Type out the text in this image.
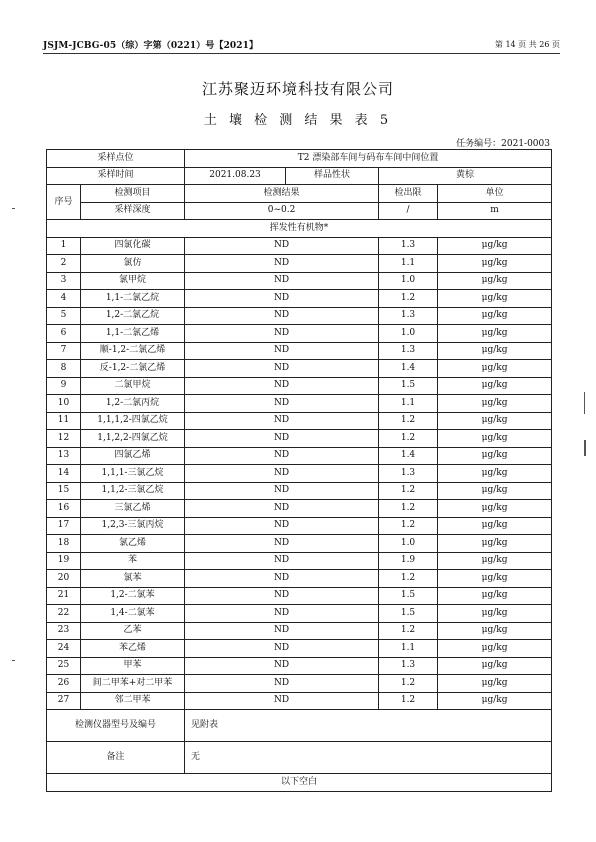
JSJM-JCBG-05（综）字第（0221）号【2021】	第 14 页 共 26 页
江苏聚迈环境科技有限公司
土 壤 检 测 结 果 表 5
任务编号：2021-0003
采样点位		T2 漂染部车间与码布车间中间位置			
采样时间		2021.08.23	样品性状	黄棕	
序号	检测项目	检测结果		检出限	单位
	采样深度	0~0.2		/	m
挥发性有机物*					
1	四氯化碳	ND		1.3	μg/kg
2	氯仿	ND		1.1	μg/kg
3	氯甲烷	ND		1.0	μg/kg
4	1,1-二氯乙烷	ND		1.2	μg/kg
5	1,2-二氯乙烷	ND		1.3	μg/kg
6	1,1-二氯乙烯	ND		1.0	μg/kg
7	顺-1,2-二氯乙烯	ND		1.3	μg/kg
8	反-1,2-二氯乙烯	ND		1.4	μg/kg
9	二氯甲烷	ND		1.5	μg/kg
10	1,2-二氯丙烷	ND		1.1	μg/kg
11	1,1,1,2-四氯乙烷	ND		1.2	μg/kg
12	1,1,2,2-四氯乙烷	ND		1.2	μg/kg
13	四氯乙烯	ND		1.4	μg/kg
14	1,1,1-三氯乙烷	ND		1.3	μg/kg
15	1,1,2-三氯乙烷	ND		1.2	μg/kg
16	三氯乙烯	ND		1.2	μg/kg
17	1,2,3-三氯丙烷	ND		1.2	μg/kg
18	氯乙烯	ND		1.0	μg/kg
19	苯	ND		1.9	μg/kg
20	氯苯	ND		1.2	μg/kg
21	1,2-二氯苯	ND		1.5	μg/kg
22	1,4-二氯苯	ND		1.5	μg/kg
23	乙苯	ND		1.2	μg/kg
24	苯乙烯	ND		1.1	μg/kg
25	甲苯	ND		1.3	μg/kg
26	间二甲苯+对二甲苯	ND		1.2	μg/kg
27	邻二甲苯	ND		1.2	μg/kg
检测仪器型号及编号		见附表			
备注		无			
以下空白					
